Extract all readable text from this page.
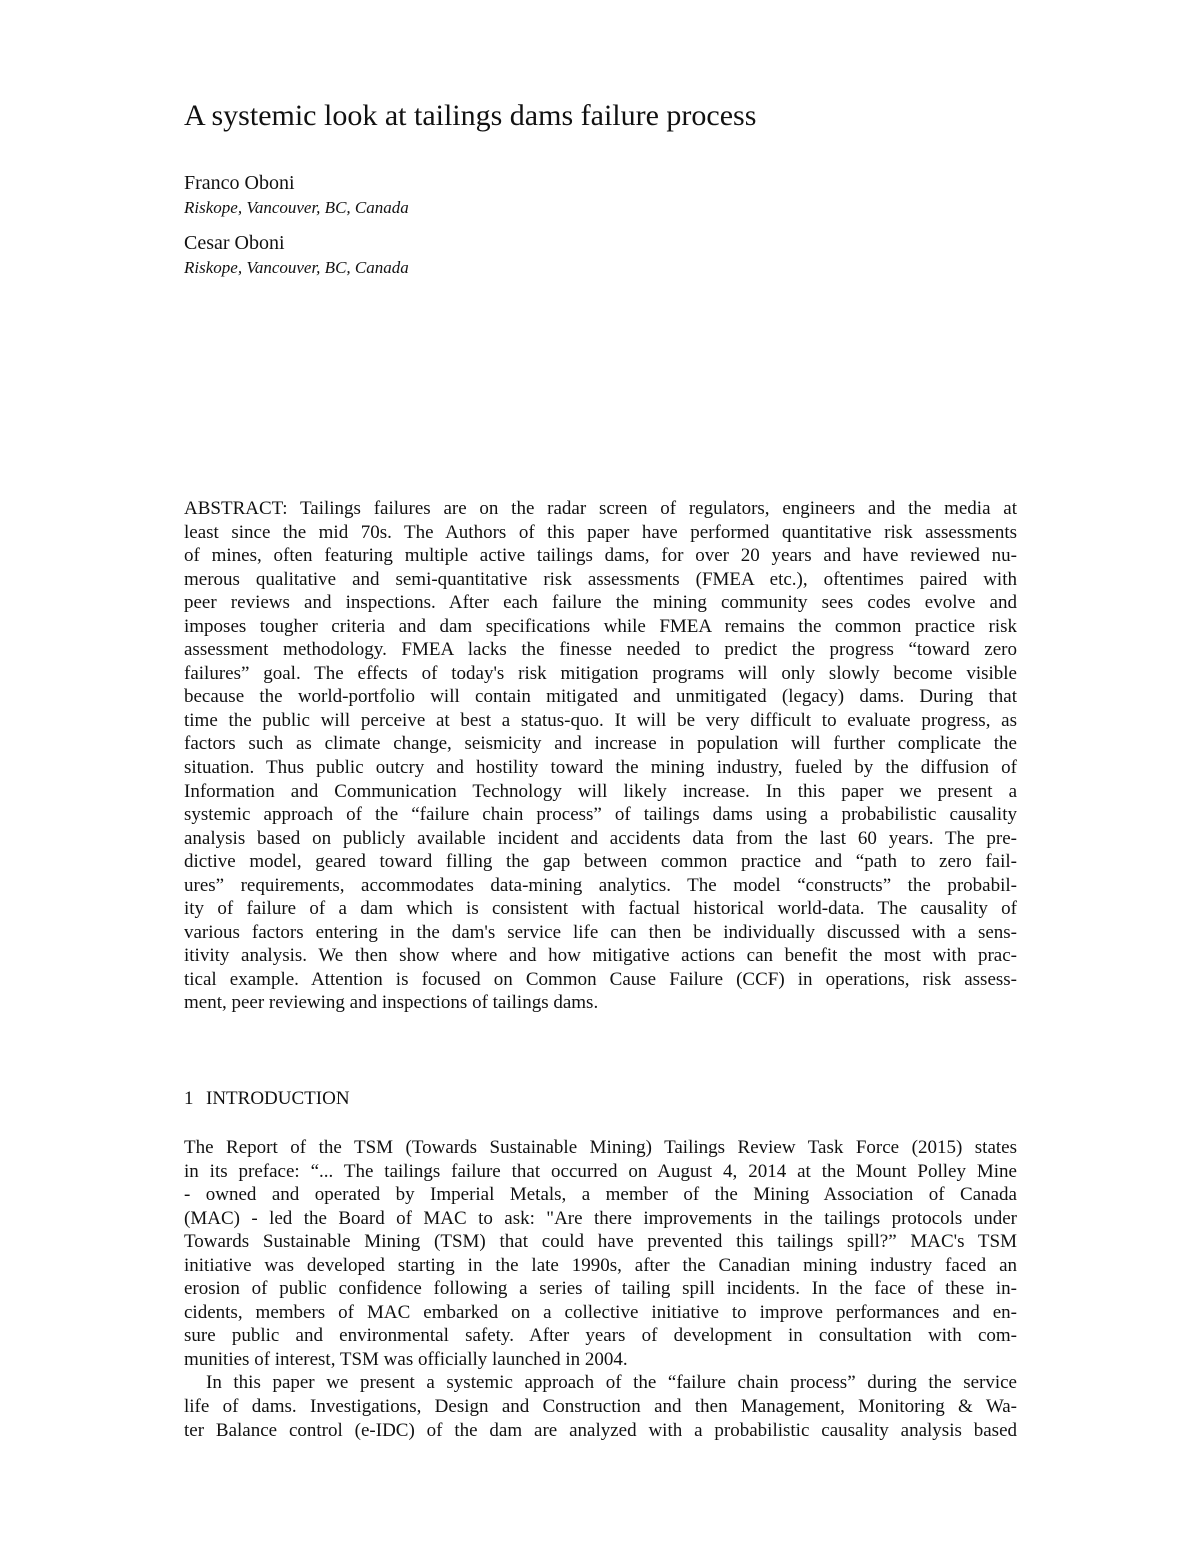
A systemic look at tailings dams failure process

Franco Oboni

Riskope, Vancouver, BC, Canada

Cesar Oboni

Riskope, Vancouver, BC, Canada

ABSTRACT: Tailings failures are on the radar screen of regulators, engineers and the media at

least since the mid 70s. The Authors of this paper have performed quantitative risk assessments

of mines, often featuring multiple active tailings dams, for over 20 years and have reviewed nu-

merous qualitative and semi-quantitative risk assessments (FMEA etc.), oftentimes paired with

peer reviews and inspections. After each failure the mining community sees codes evolve and

imposes tougher criteria and dam specifications while FMEA remains the common practice risk

assessment methodology. FMEA lacks the finesse needed to predict the progress “toward zero

failures” goal. The effects of today's risk mitigation programs will only slowly become visible

because the world-portfolio will contain mitigated and unmitigated (legacy) dams. During that

time the public will perceive at best a status-quo. It will be very difficult to evaluate progress, as

factors such as climate change, seismicity and increase in population will further complicate the

situation. Thus public outcry and hostility toward the mining industry, fueled by the diffusion of

Information and Communication Technology will likely increase. In this paper we present a

systemic approach of the “failure chain process” of tailings dams using a probabilistic causality

analysis based on publicly available incident and accidents data from the last 60 years. The pre-

dictive model, geared toward filling the gap between common practice and “path to zero fail-

ures” requirements, accommodates data-mining analytics. The model “constructs” the probabil-

ity of failure of a dam which is consistent with factual historical world-data. The causality of

various factors entering in the dam's service life can then be individually discussed with a sens-

itivity analysis. We then show where and how mitigative actions can benefit the most with prac-

tical example. Attention is focused on Common Cause Failure (CCF) in operations, risk assess-

ment, peer reviewing and inspections of tailings dams.

1 INTRODUCTION

The Report of the TSM (Towards Sustainable Mining) Tailings Review Task Force (2015) states

in its preface: “... The tailings failure that occurred on August 4, 2014 at the Mount Polley Mine

- owned and operated by Imperial Metals, a member of the Mining Association of Canada

(MAC) - led the Board of MAC to ask: "Are there improvements in the tailings protocols under

Towards Sustainable Mining (TSM) that could have prevented this tailings spill?” MAC's TSM

initiative was developed starting in the late 1990s, after the Canadian mining industry faced an

erosion of public confidence following a series of tailing spill incidents. In the face of these in-

cidents, members of MAC embarked on a collective initiative to improve performances and en-

sure public and environmental safety. After years of development in consultation with com-

munities of interest, TSM was officially launched in 2004.

In this paper we present a systemic approach of the “failure chain process” during the service

life of dams. Investigations, Design and Construction and then Management, Monitoring & Wa-

ter Balance control (e-IDC) of the dam are analyzed with a probabilistic causality analysis based
